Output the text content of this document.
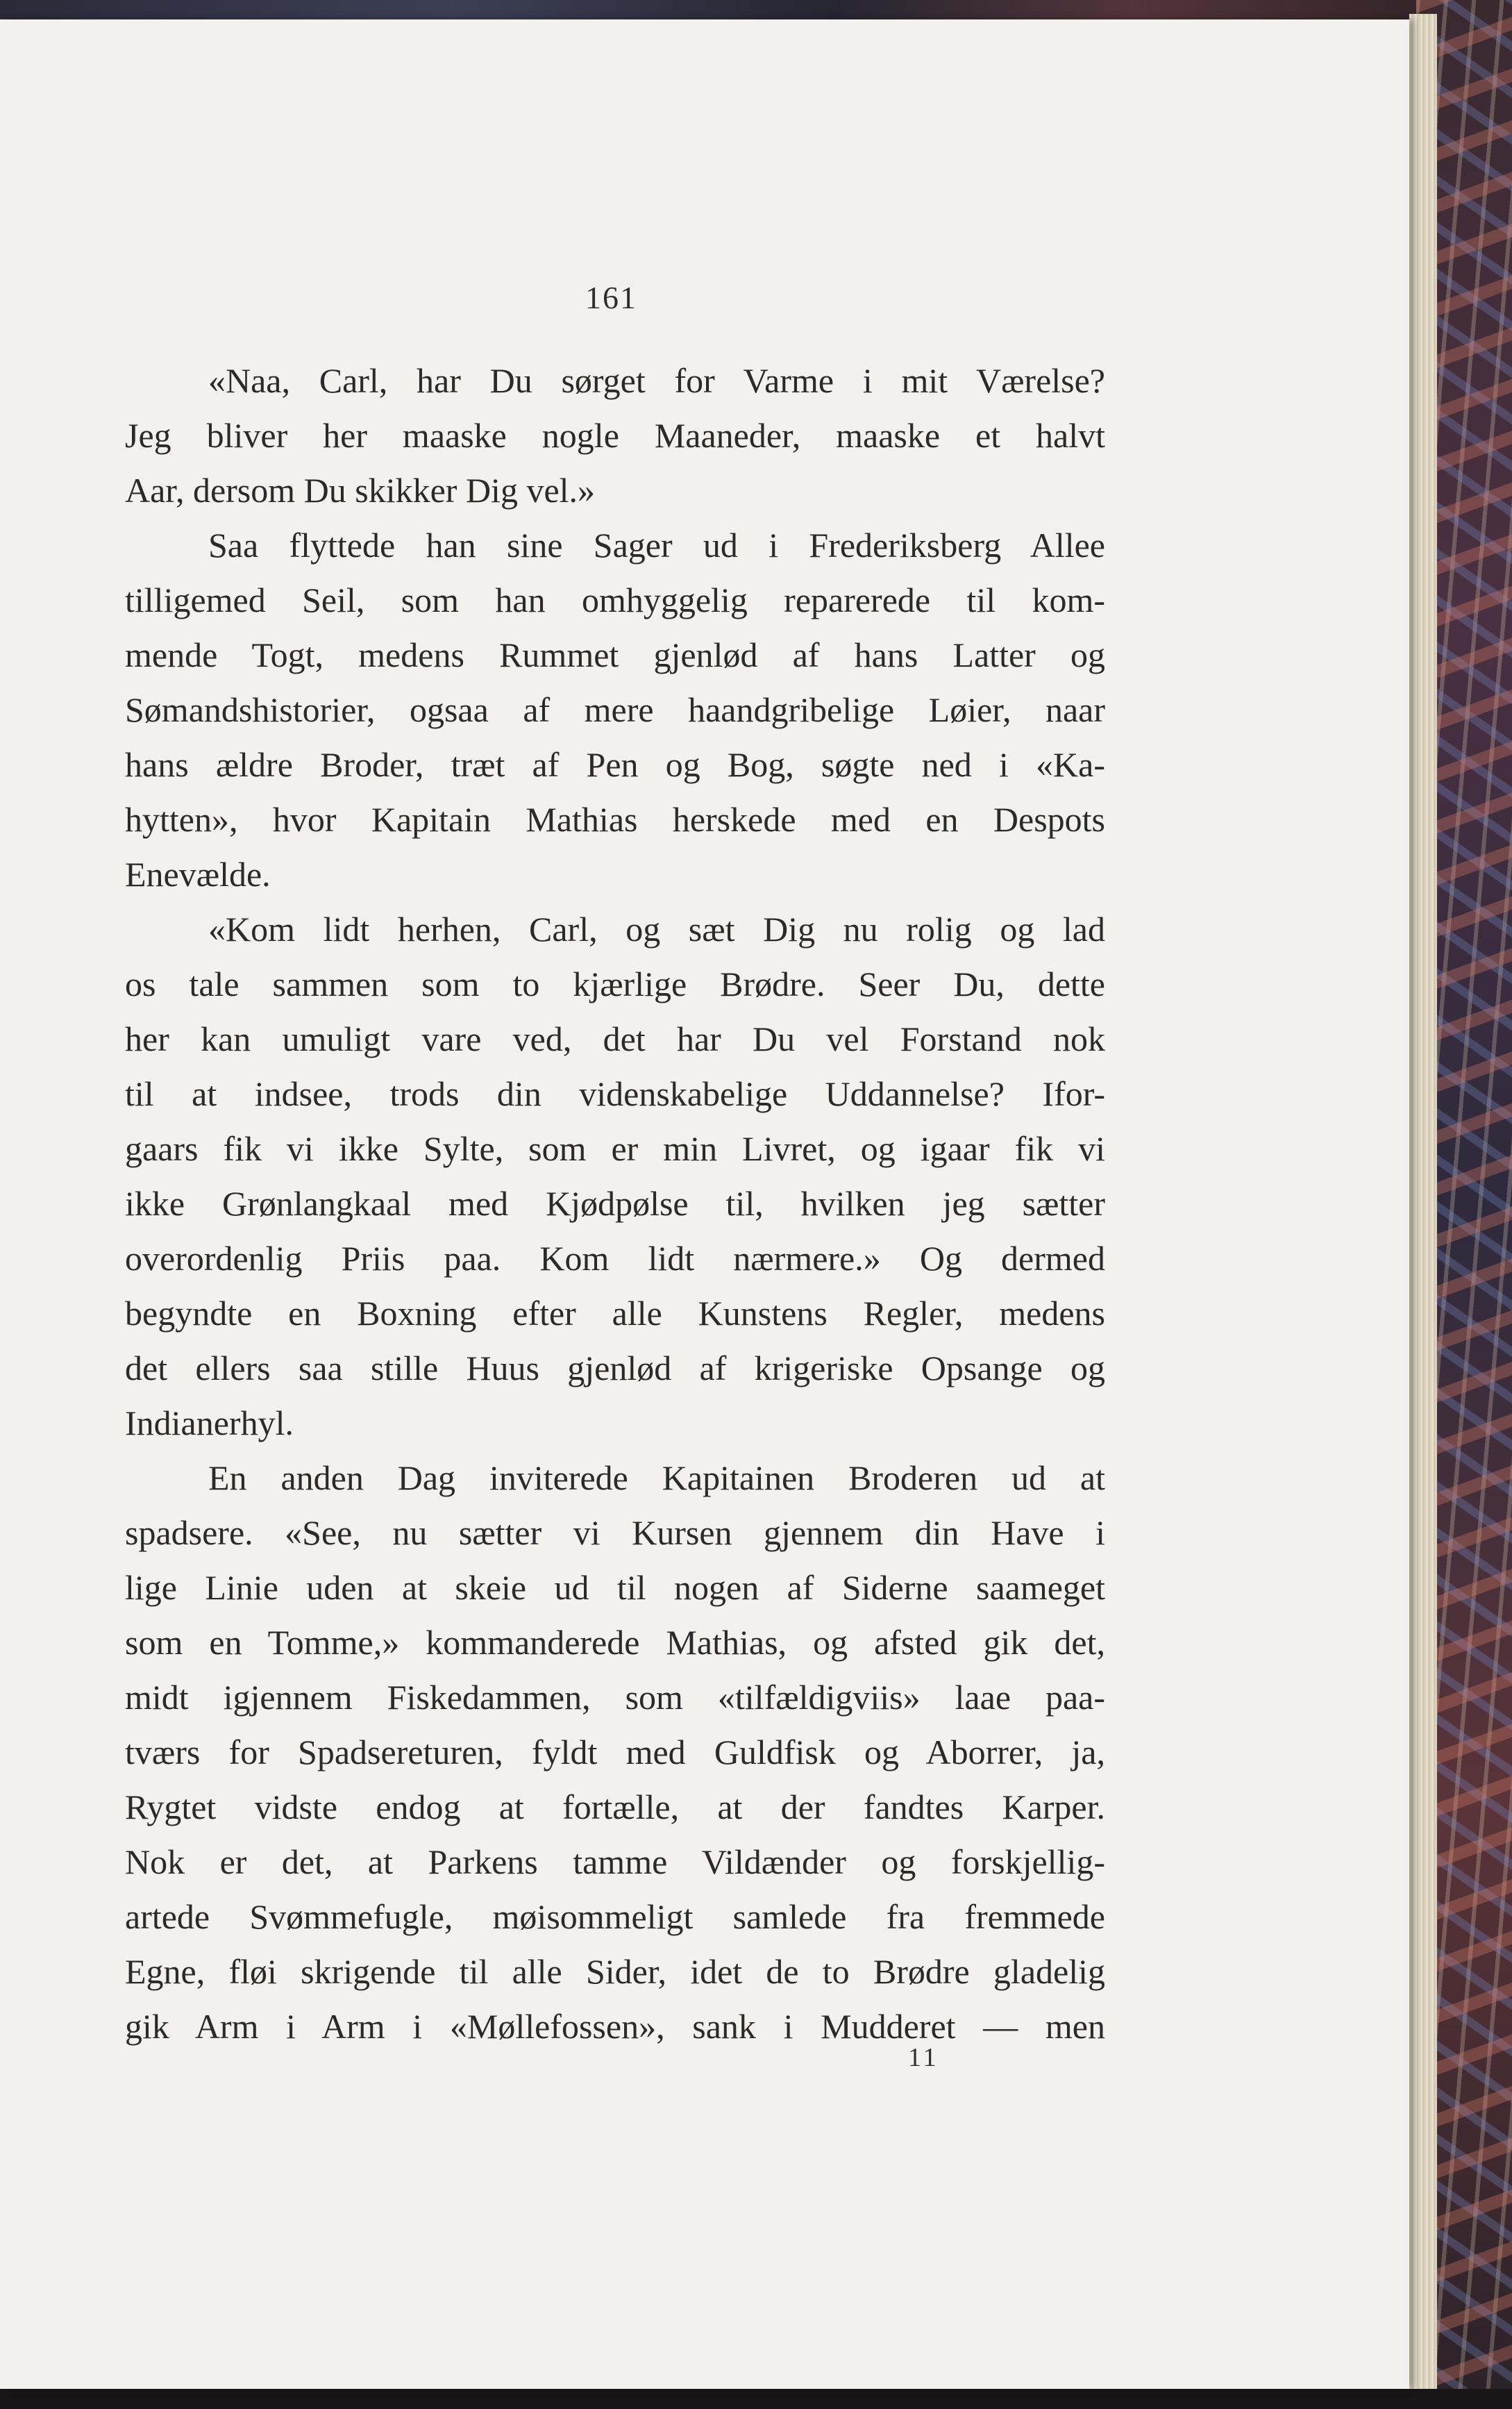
161
«Naa, Carl, har Du sørget for Varme i mit Værelse?
Jeg bliver her maaske nogle Maaneder, maaske et halvt
Aar, dersom Du skikker Dig vel.»
Saa flyttede han sine Sager ud i Frederiksberg Allee
tilligemed Seil, som han omhyggelig reparerede til kom-
mende Togt, medens Rummet gjenlød af hans Latter og
Sømandshistorier, ogsaa af mere haandgribelige Løier, naar
hans ældre Broder, træt af Pen og Bog, søgte ned i «Ka-
hytten», hvor Kapitain Mathias herskede med en Despots
Enevælde.
«Kom lidt herhen, Carl, og sæt Dig nu rolig og lad
os tale sammen som to kjærlige Brødre. Seer Du, dette
her kan umuligt vare ved, det har Du vel Forstand nok
til at indsee, trods din videnskabelige Uddannelse? Ifor-
gaars fik vi ikke Sylte, som er min Livret, og igaar fik vi
ikke Grønlangkaal med Kjødpølse til, hvilken jeg sætter
overordenlig Priis paa. Kom lidt nærmere.» Og dermed
begyndte en Boxning efter alle Kunstens Regler, medens
det ellers saa stille Huus gjenlød af krigeriske Opsange og
Indianerhyl.
En anden Dag inviterede Kapitainen Broderen ud at
spadsere. «See, nu sætter vi Kursen gjennem din Have i
lige Linie uden at skeie ud til nogen af Siderne saameget
som en Tomme,» kommanderede Mathias, og afsted gik det,
midt igjennem Fiskedammen, som «tilfældigviis» laae paa-
tværs for Spadsereturen, fyldt med Guldfisk og Aborrer, ja,
Rygtet vidste endog at fortælle, at der fandtes Karper.
Nok er det, at Parkens tamme Vildænder og forskjellig-
artede Svømmefugle, møisommeligt samlede fra fremmede
Egne, fløi skrigende til alle Sider, idet de to Brødre gladelig
gik Arm i Arm i «Møllefossen», sank i Mudderet — men
11
